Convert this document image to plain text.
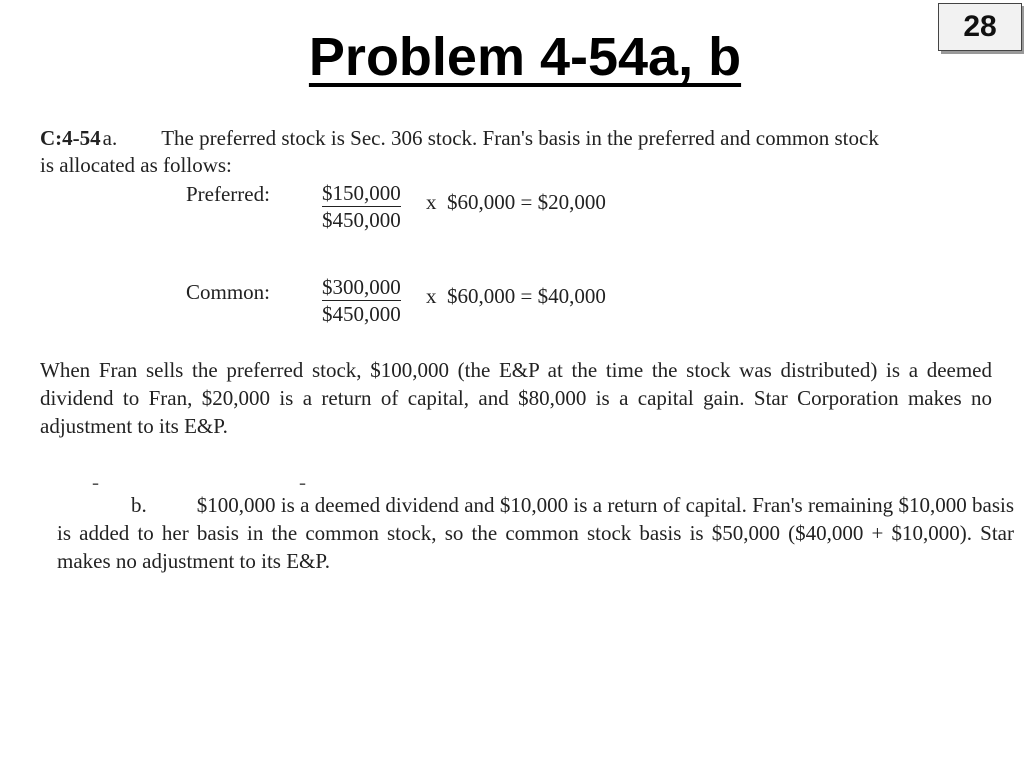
28
Problem 4-54a, b
C:4-54a. The preferred stock is Sec. 306 stock. Fran's basis in the preferred and common stock
is allocated as follows:
Preferred: $\frac{\$150,000}{\$450,000}$ x  $60,000 = $20,000
Common: $\frac{\$300,000}{\$450,000}$ x  $60,000 = $40,000

When Fran sells the preferred stock, $100,000 (the E&P at the time the stock was distributed) is a deemed dividend to Fran, $20,000 is a return of capital, and $80,000 is a capital gain. Star Corporation makes no adjustment to its E&P.

-	-
b. $100,000 is a deemed dividend and $10,000 is a return of capital. Fran's remaining $10,000 basis is added to her basis in the common stock, so the common stock basis is $50,000 ($40,000 + $10,000). Star makes no adjustment to its E&P.
